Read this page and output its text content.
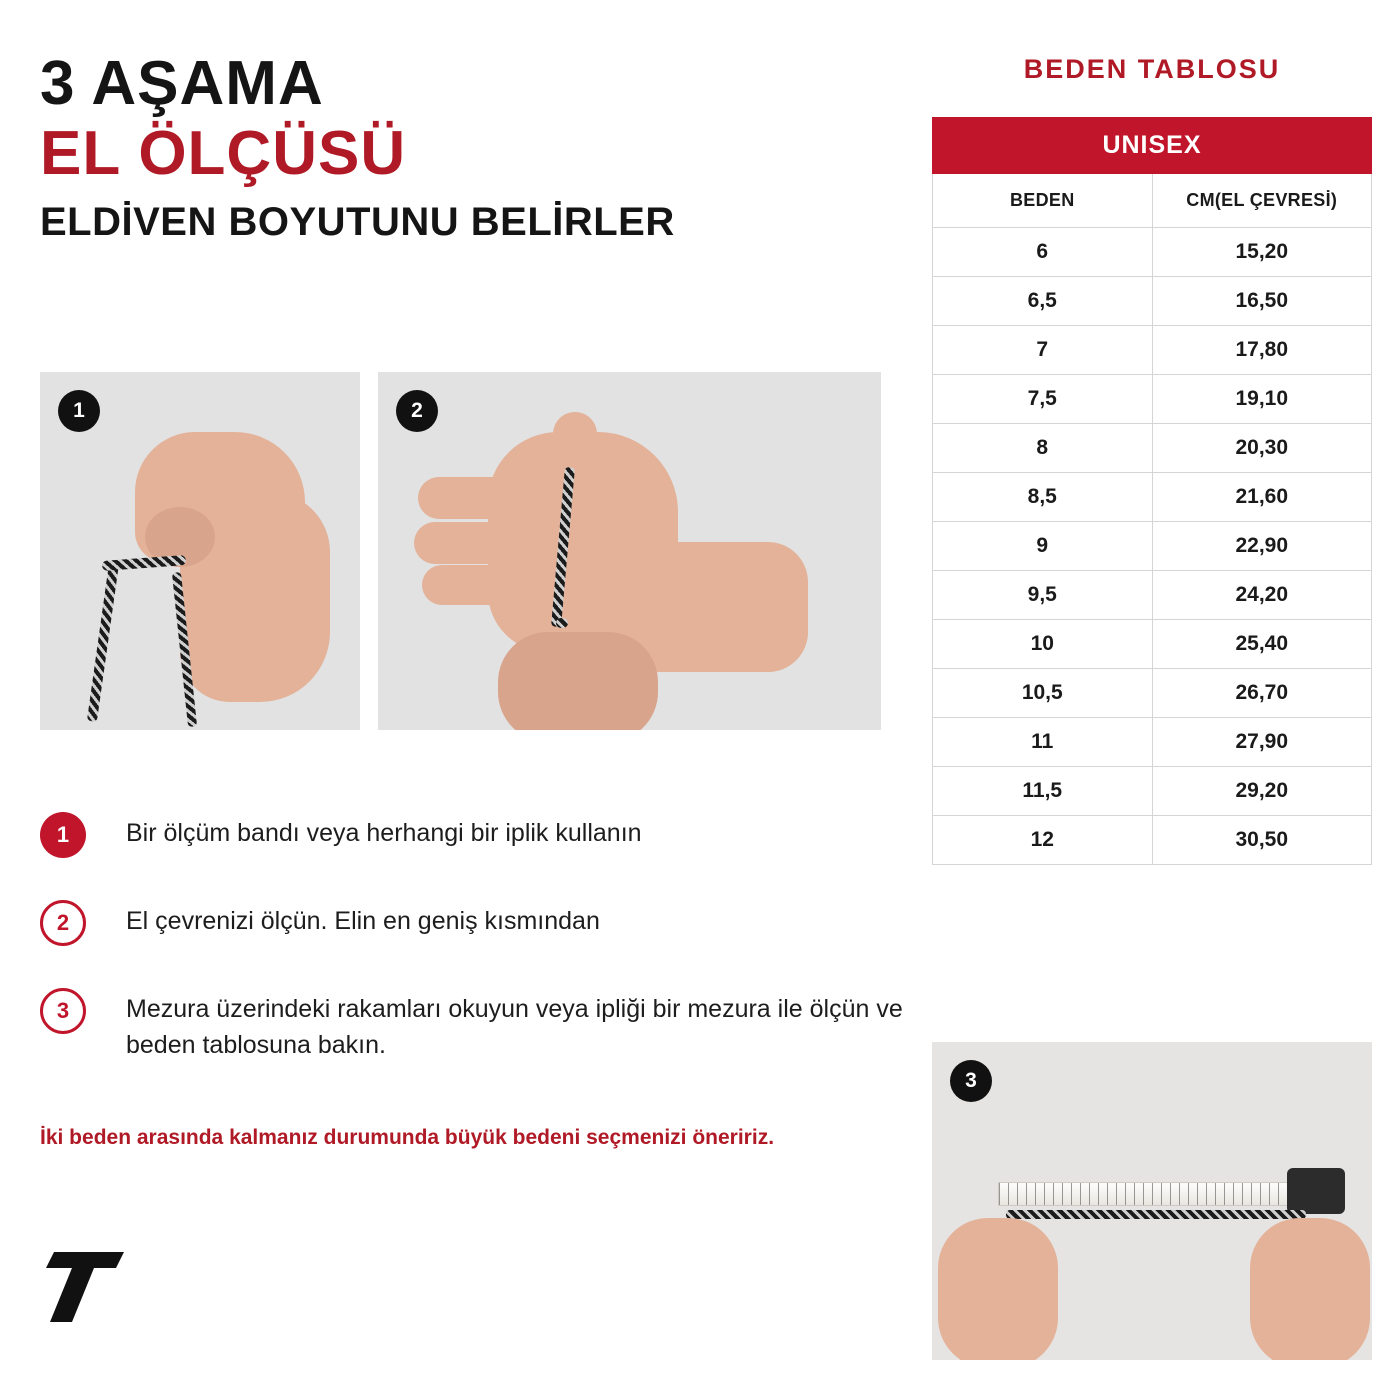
3 AŞAMA
EL ÖLÇÜSÜ
ELDİVEN BOYUTUNU BELİRLER
1	2
1	Bir ölçüm bandı veya herhangi bir iplik kullanın
2	El çevrenizi ölçün. Elin en geniş kısmından
3	Mezura üzerindeki rakamları okuyun veya ipliği bir mezura ile ölçün ve beden tablosuna bakın.
İki beden arasında kalmanız durumunda büyük bedeni seçmenizi öneririz.
BEDEN TABLOSU
UNISEX	
BEDEN	CM(EL ÇEVRESİ)
6	15,20
6,5	16,50
7	17,80
7,5	19,10
8	20,30
8,5	21,60
9	22,90
9,5	24,20
10	25,40
10,5	26,70
11	27,90
11,5	29,20
12	30,50
3
